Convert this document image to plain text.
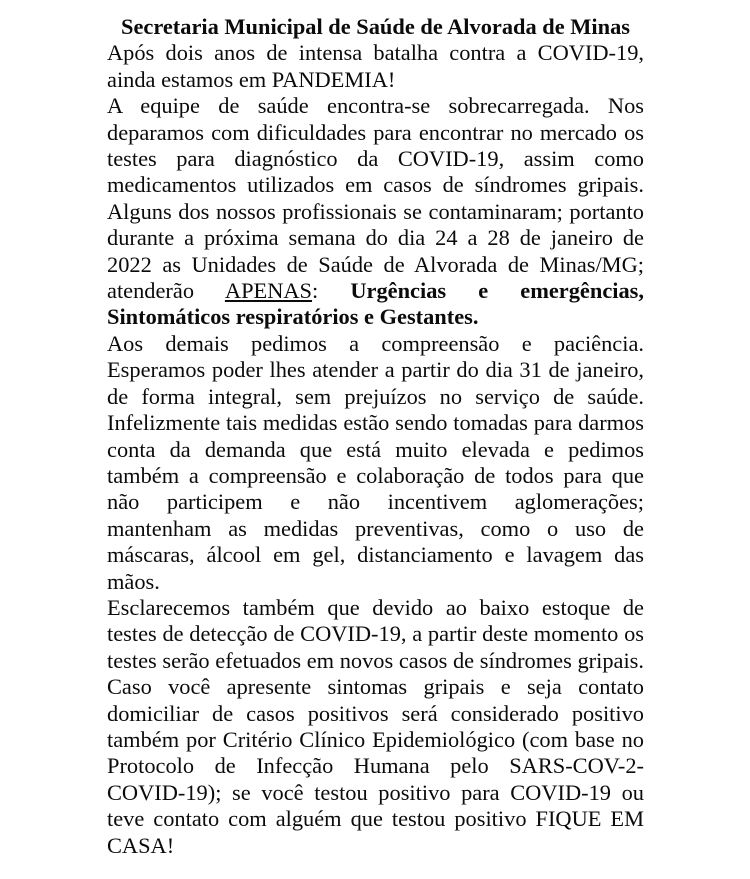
Secretaria Municipal de Saúde de Alvorada de Minas

Após dois anos de intensa batalha contra a COVID-19, ainda estamos em PANDEMIA!

A equipe de saúde encontra-se sobrecarregada. Nos deparamos com dificuldades para encontrar no mercado os testes para diagnóstico da COVID-19, assim como medicamentos utilizados em casos de síndromes gripais. Alguns dos nossos profissionais se contaminaram; portanto durante a próxima semana do dia 24 a 28 de janeiro de 2022 as Unidades de Saúde de Alvorada de Minas/MG; atenderão APENAS: Urgências e emergências, Sintomáticos respiratórios e Gestantes.

Aos demais pedimos a compreensão e paciência. Esperamos poder lhes atender a partir do dia 31 de janeiro, de forma integral, sem prejuízos no serviço de saúde. Infelizmente tais medidas estão sendo tomadas para darmos conta da demanda que está muito elevada e pedimos também a compreensão e colaboração de todos para que não participem e não incentivem aglomerações; mantenham as medidas preventivas, como o uso de máscaras, álcool em gel, distanciamento e lavagem das mãos.

Esclarecemos também que devido ao baixo estoque de testes de detecção de COVID-19, a partir deste momento os testes serão efetuados em novos casos de síndromes gripais. Caso você apresente sintomas gripais e seja contato domiciliar de casos positivos será considerado positivo também por Critério Clínico Epidemiológico (com base no Protocolo de Infecção Humana pelo SARS-COV-2-COVID-19); se você testou positivo para COVID-19 ou teve contato com alguém que testou positivo FIQUE EM CASA!
